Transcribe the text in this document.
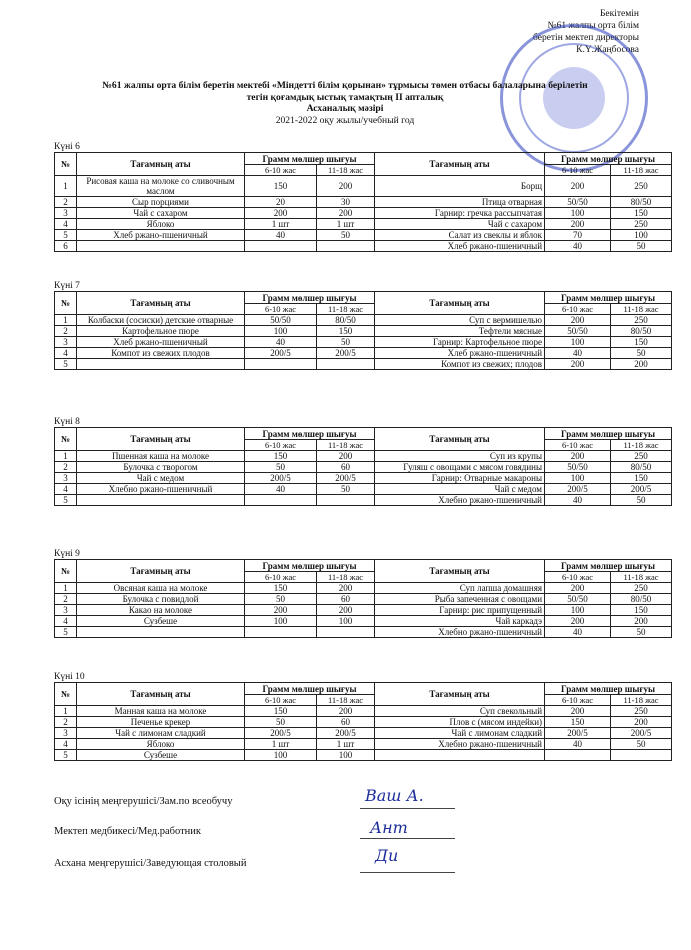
Бекітемін
№61 жалпы орта білім
беретін мектеп директоры
К.Ү.Жаңбосова
№61 жалпы орта білім беретін мектебі «Міндетті білім қорынан» тұрмысы төмен отбасы балаларына берілетін
тегін қоғамдық ыстық тамақтың II апталық
Асханалық мәзірі
2021-2022 оқу жылы/учебный год
Күні 6
№	Тағамның аты	Грамм мөлшер шығуы		Тағамның аты	Грамм мөлшер шығуы	
		6-10 жас	11-18 жас		6-10 жас	11-18 жас
1	Рисовая каша на молоке со сливочным маслом	150	200	Борщ	200	250
2	Сыр порциями	20	30	Птица отварная	50/50	80/50
3	Чай с сахаром	200	200	Гарнир: гречка рассыпчатая	100	150
4	Яблоко	1 шт	1 шт	Чай с сахаром	200	250
5	Хлеб ржано-пшеничный	40	50	Салат из свеклы и яблок	70	100
6				Хлеб ржано-пшеничный	40	50
Күні 7
№	Тағамның аты	Грамм мөлшер шығуы		Тағамның аты	Грамм мөлшер шығуы	
		6-10 жас	11-18 жас		6-10 жас	11-18 жас
1	Колбаски (сосиски) детские отварные	50/50	80/50	Суп с вермишелью	200	250
2	Картофельное пюре	100	150	Тефтели мясные	50/50	80/50
3	Хлеб ржано-пшеничный	40	50	Гарнир: Картофельное пюре	100	150
4	Компот из свежих плодов	200/5	200/5	Хлеб ржано-пшеничный	40	50
5				Компот из свежих; плодов	200	200
Күні 8
№	Тағамның аты	Грамм мөлшер шығуы		Тағамның аты	Грамм мөлшер шығуы	
		6-10 жас	11-18 жас		6-10 жас	11-18 жас
1	Пшенная каша на молоке	150	200	Суп из крупы	200	250
2	Булочка с творогом	50	60	Гуляш с овощами с мясом говядины	50/50	80/50
3	Чай с медом	200/5	200/5	Гарнир: Отварные макароны	100	150
4	Хлебно ржано-пшеничный	40	50	Чай с медом	200/5	200/5
5				Хлебно ржано-пшеничный	40	50
Күні 9
№	Тағамның аты	Грамм мөлшер шығуы		Тағамның аты	Грамм мөлшер шығуы	
		6-10 жас	11-18 жас		6-10 жас	11-18 жас
1	Овсяная каша на молоке	150	200	Суп лапша домашняя	200	250
2	Булочка с повидлой	50	60	Рыба запеченная с овощами	50/50	80/50
3	Какао на молоке	200	200	Гарнир: рис припущенный	100	150
4	Сузбеше	100	100	Чай каркадэ	200	200
5				Хлебно ржано-пшеничный	40	50
Күні 10
№	Тағамның аты	Грамм мөлшер шығуы		Тағамның аты	Грамм мөлшер шығуы	
		6-10 жас	11-18 жас		6-10 жас	11-18 жас
1	Манная каша на молоке	150	200	Суп свекольный	200	250
2	Печенье крекер	50	60	Плов с (мясом индейки)	150	200
3	Чай с лимонам сладкий	200/5	200/5	Чай с лимонам сладкий	200/5	200/5
4	Яблоко	1 шт	1 шт	Хлебно ржано-пшеничный	40	50
5	Сузбеше	100	100			
Оқу ісінің меңгерушісі/Зам.по всеобучу	Ваш А.
Мектеп медбикесі/Мед.работник	Ант
Асхана меңгерушісі/Заведующая столовый	Ди
